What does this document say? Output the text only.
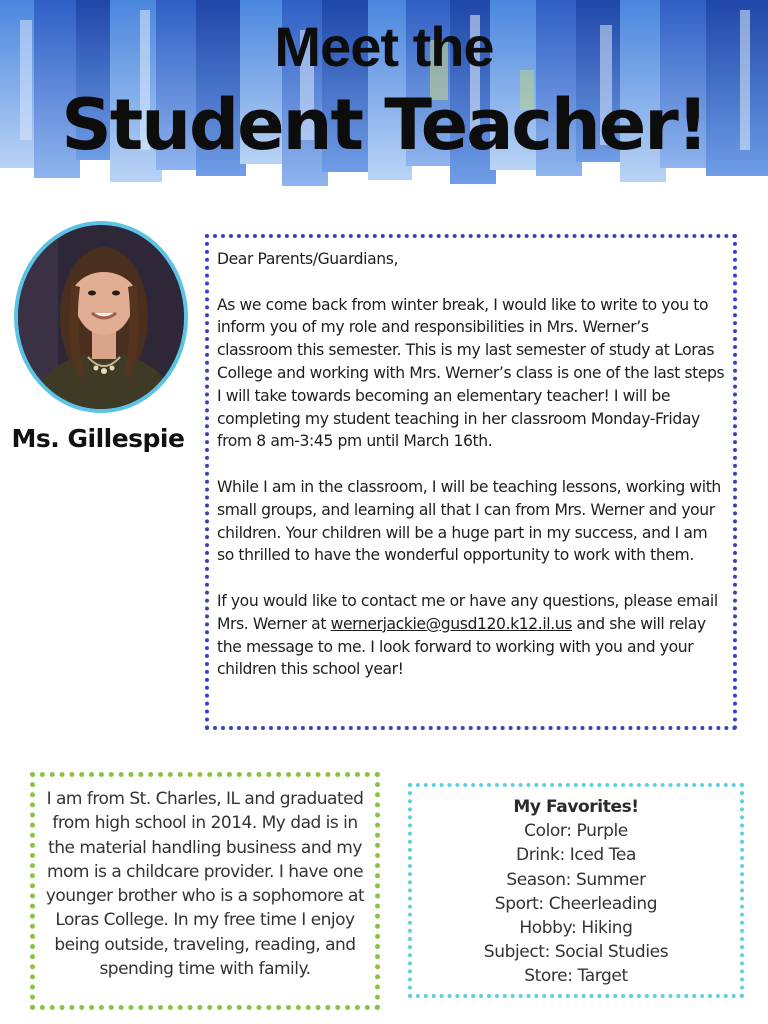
Meet the
Student Teacher!
Ms. Gillespie

Dear Parents/Guardians,

As we come back from winter break, I would like to write to you to inform you of my role and responsibilities in Mrs. Werner’s classroom this semester. This is my last semester of study at Loras College and working with Mrs. Werner’s class is one of the last steps I will take towards becoming an elementary teacher! I will be completing my student teaching in her classroom Monday-Friday from 8 am-3:45 pm until March 16th.

While I am in the classroom, I will be teaching lessons, working with small groups, and learning all that I can from Mrs. Werner and your children. Your children will be a huge part in my success, and I am so thrilled to have the wonderful opportunity to work with them.

If you would like to contact me or have any questions, please email Mrs. Werner at wernerjackie@gusd120.k12.il.us and she will relay the message to me. I look forward to working with you and your children this school year!

I am from St. Charles, IL and graduated from high school in 2014. My dad is in the material handling business and my mom is a childcare provider. I have one younger brother who is a sophomore at Loras College. In my free time I enjoy being outside, traveling, reading, and spending time with family.
My Favorites!
Color: Purple
Drink: Iced Tea
Season: Summer
Sport: Cheerleading
Hobby: Hiking
Subject: Social Studies
Store: Target
